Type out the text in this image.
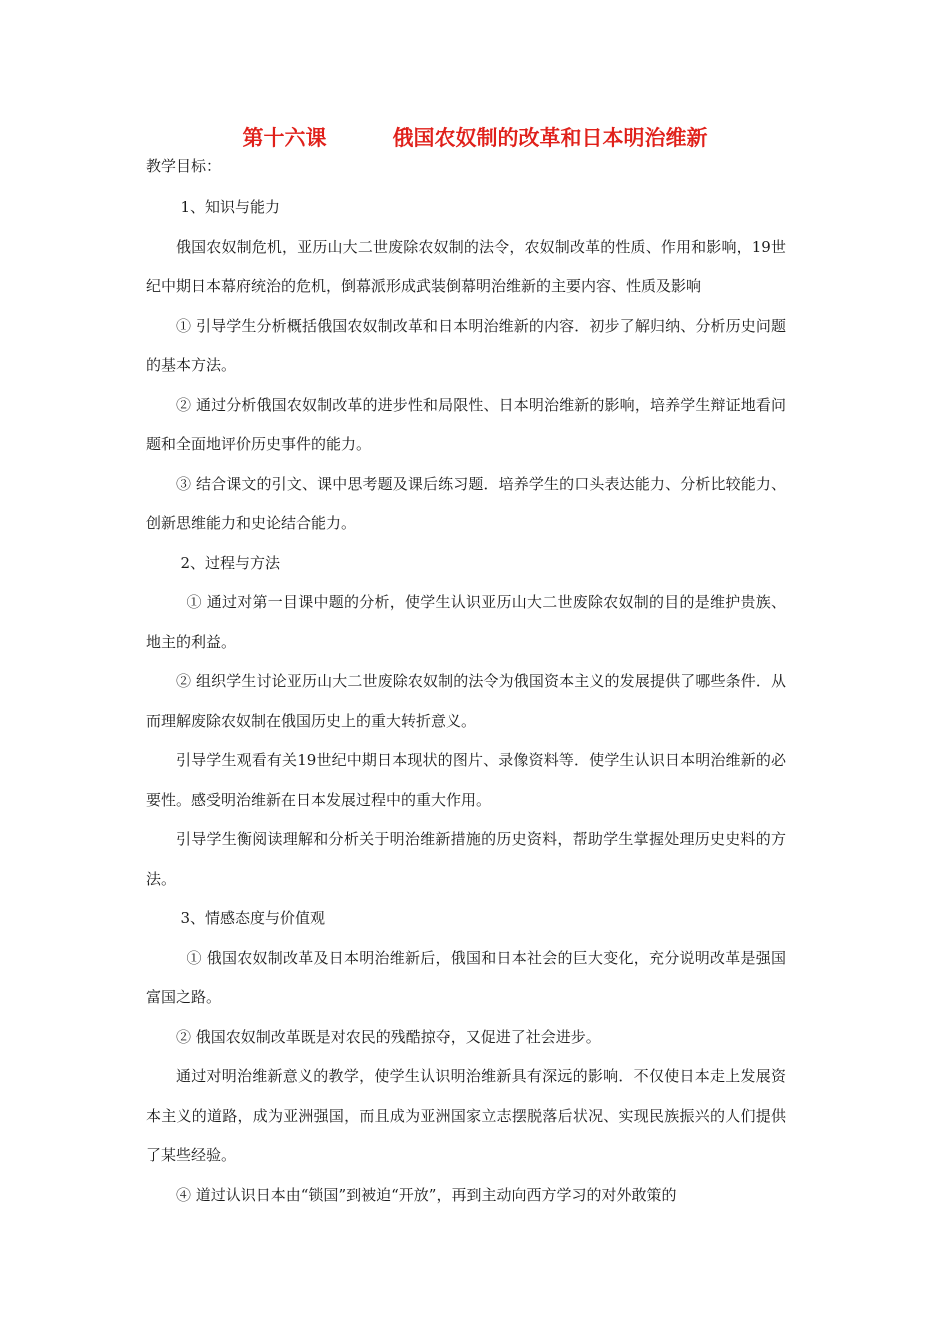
第十六课	俄国农奴制的改革和日本明治维新
教学目标：

1、知识与能力

俄国农奴制危机，亚历山大二世废除农奴制的法令，农奴制改革的性质、作用和影响，19世纪中期日本幕府统治的危机，倒幕派形成武装倒幕明治维新的主要内容、性质及影响

① 引导学生分析概括俄国农奴制改革和日本明治维新的内容．初步了解归纳、分析历史问题的基本方法。

② 通过分析俄国农奴制改革的进步性和局限性、日本明治维新的影响，培养学生辩证地看问题和全面地评价历史事件的能力。

③ 结合课文的引文、课中思考题及课后练习题．培养学生的口头表达能力、分析比较能力、创新思维能力和史论结合能力。

2、过程与方法

① 通过对第一目课中题的分析，使学生认识亚历山大二世废除农奴制的目的是维护贵族、地主的利益。

② 组织学生讨论亚历山大二世废除农奴制的法令为俄国资本主义的发展提供了哪些条件．从而理解废除农奴制在俄国历史上的重大转折意义。

引导学生观看有关19世纪中期日本现状的图片、录像资料等．使学生认识日本明治维新的必要性。感受明治维新在日本发展过程中的重大作用。

引导学生衡阅读理解和分析关于明治维新措施的历史资料，帮助学生掌握处理历史史料的方法。

3、情感态度与价值观

① 俄国农奴制改革及日本明治维新后，俄国和日本社会的巨大变化，充分说明改革是强国富国之路。

② 俄国农奴制改革既是对农民的残酷掠夺，又促进了社会进步。

通过对明治维新意义的教学，使学生认识明治维新具有深远的影响．不仅使日本走上发展资本主义的道路，成为亚洲强国，而且成为亚洲国家立志摆脱落后状况、实现民族振兴的人们提供了某些经验。

④ 道过认识日本由“锁国”到被迫“开放”，再到主动向西方学习的对外敢策的
